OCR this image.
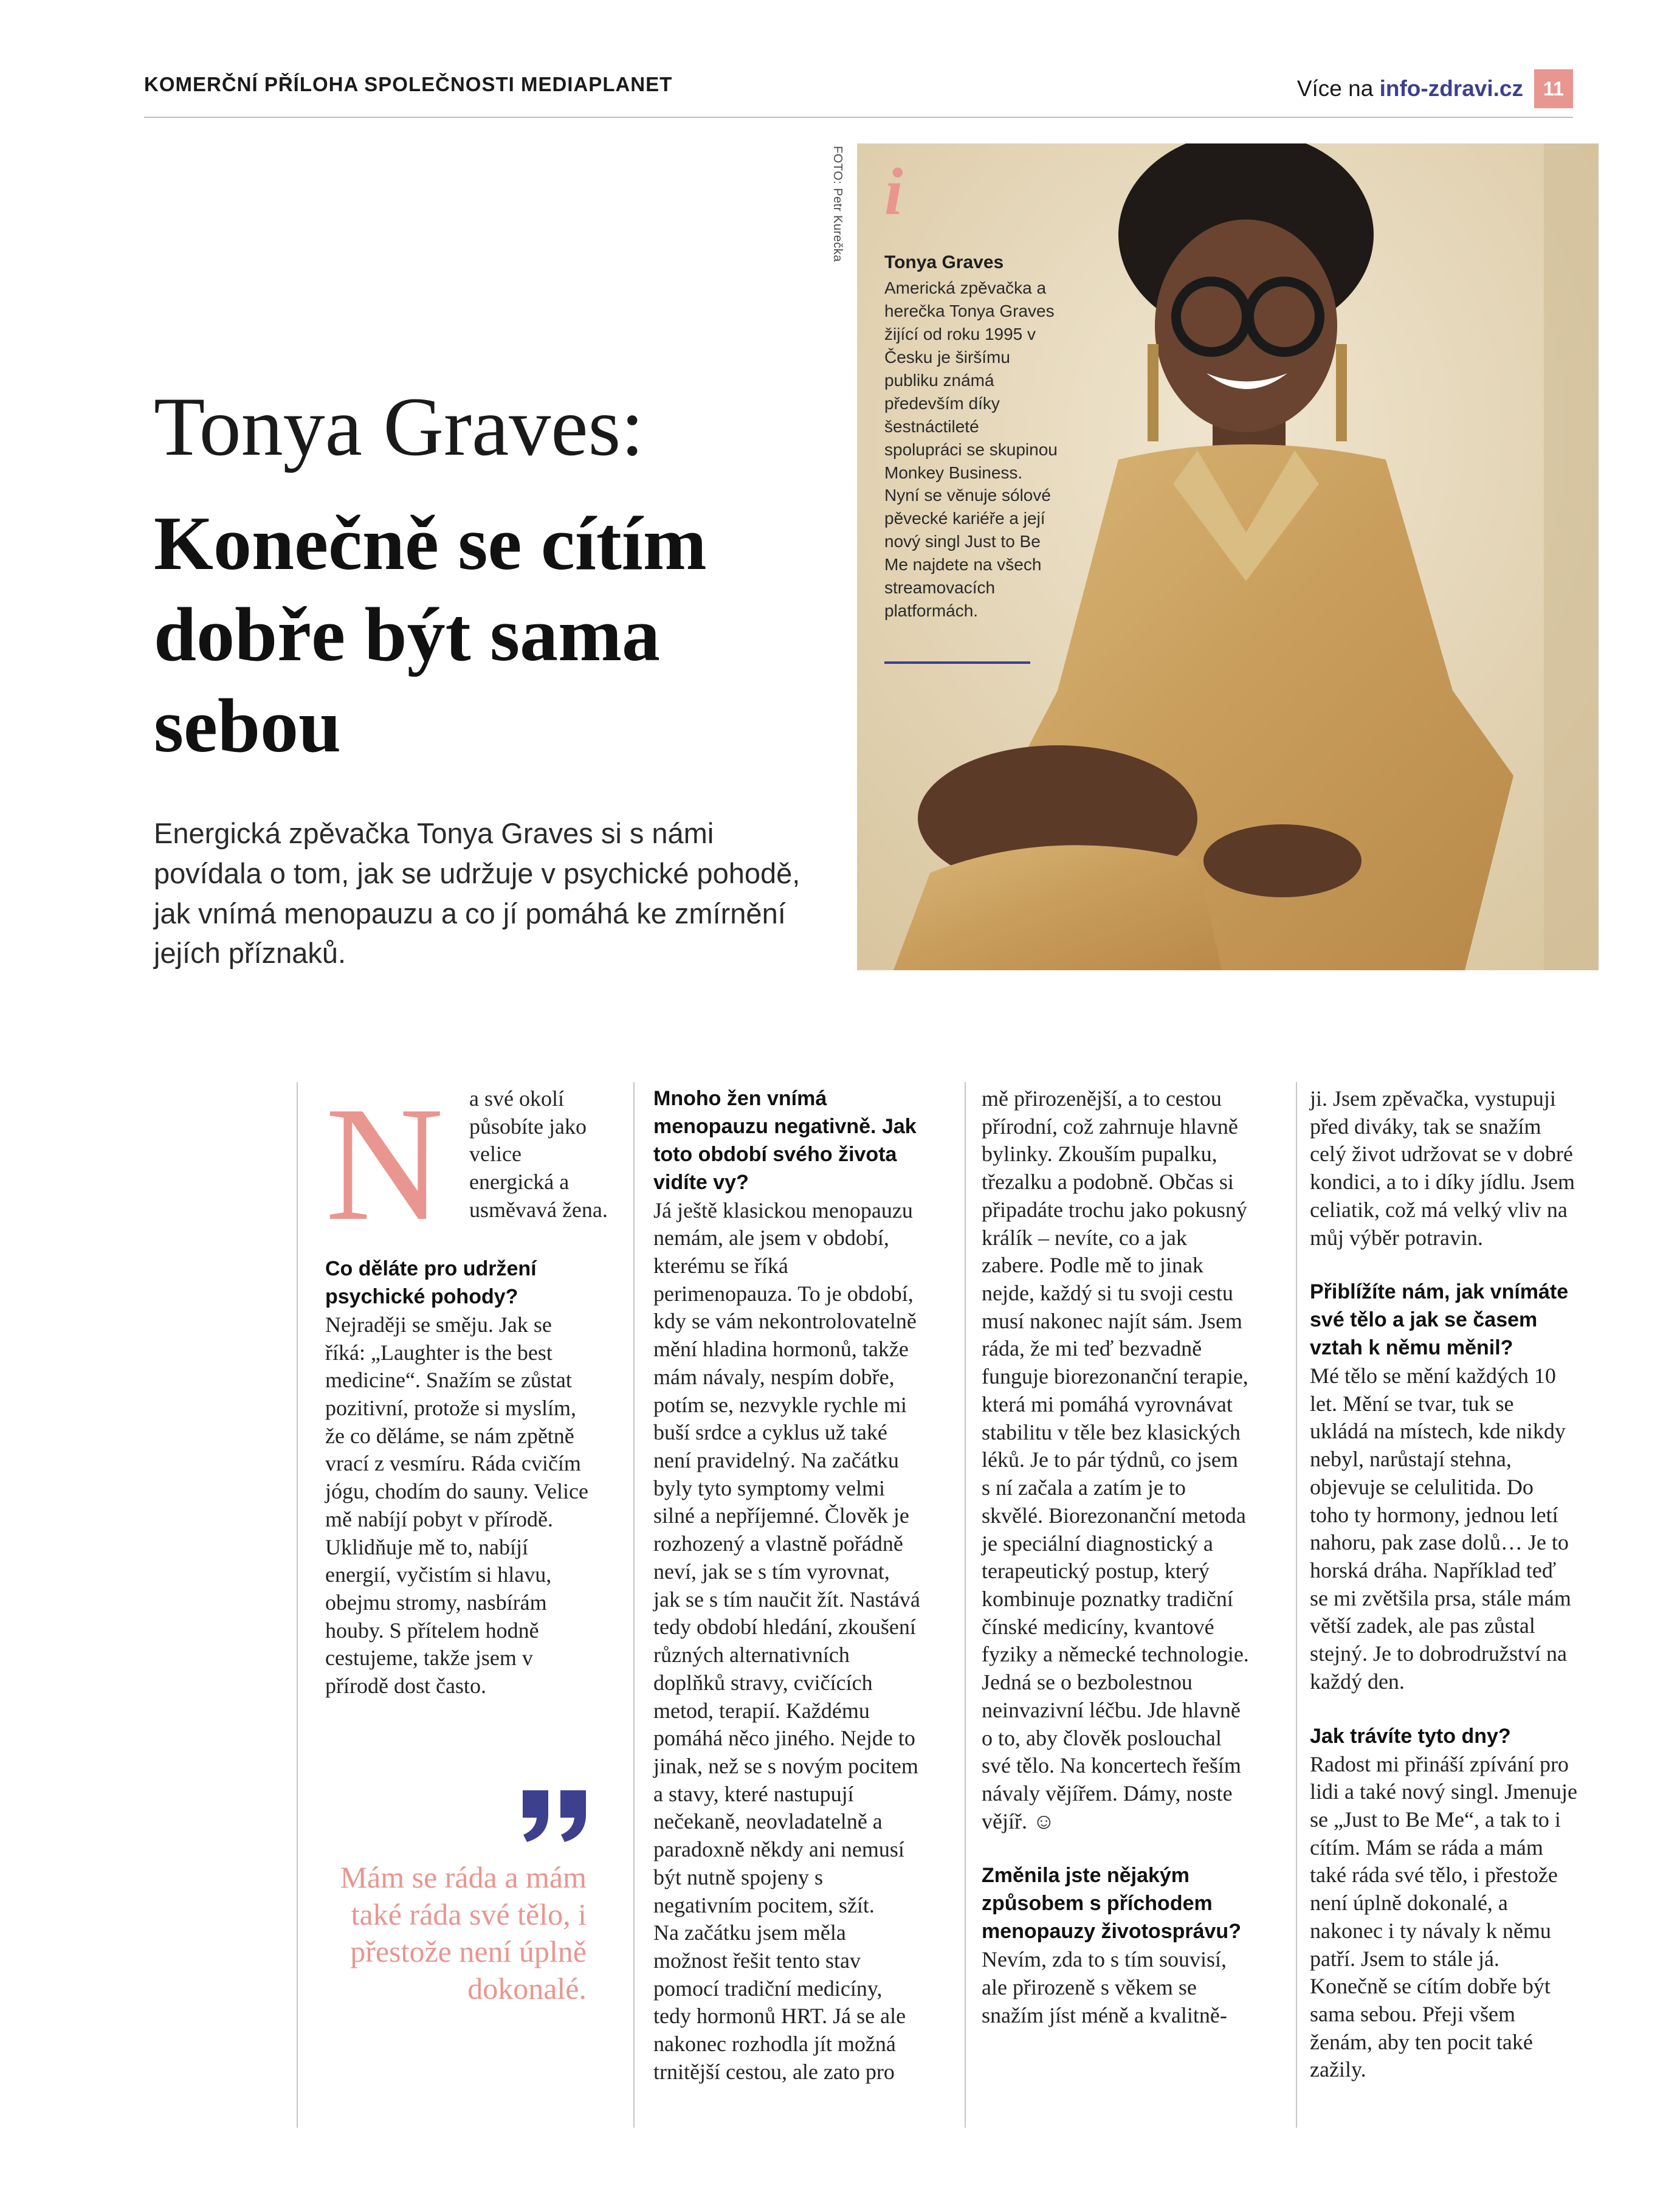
KOMERČNÍ PŘÍLOHA SPOLEČNOSTI MEDIAPLANET	Více na info-zdravi.cz	11
Tonya Graves:
Konečně se cítím dobře být sama sebou
Energická zpěvačka Tonya Graves si s námi povídala o tom, jak se udržuje v psychické pohodě, jak vnímá menopauzu a co jí pomáhá ke zmírnění jejích příznaků.
FOTO: Petr Kurečka i
Tonya Graves
Americká zpěvačka a herečka Tonya Graves žijící od roku 1995 v Česku je širšímu publiku známá především díky šestnáctileté spolupráci se skupinou Monkey Business. Nyní se věnuje sólové pěvecké kariéře a její nový singl Just to Be Me najdete na všech streamovacích platformách.
N a své okolí působíte jako velice energická a usměvavá žena.
Co děláte pro udržení psychické pohody?

Nejraději se směju. Jak se říká: „Laughter is the best medicine“. Snažím se zůstat pozitivní, protože si myslím, že co děláme, se nám zpětně vrací z vesmíru. Ráda cvičím jógu, chodím do sauny. Velice mě nabíjí pobyt v přírodě. Uklidňuje mě to, nabíjí energií, vyčistím si hlavu, obejmu stromy, nasbírám houby. S přítelem hodně cestujeme, takže jsem v přírodě dost často.

Mám se ráda a mám také ráda své tělo, i přestože není úplně dokonalé.
Mnoho žen vnímá menopauzu negativně. Jak toto období svého života vidíte vy?

Já ještě klasickou menopauzu nemám, ale jsem v období, kterému se říká perimenopauza. To je období, kdy se vám nekontrolovatelně mění hladina hormonů, takže mám návaly, nespím dobře, potím se, nezvykle rychle mi buší srdce a cyklus už také není pravidelný. Na začátku byly tyto symptomy velmi silné a nepříjemné. Člověk je rozhozený a vlastně pořádně neví, jak se s tím vyrovnat, jak se s tím naučit žít. Nastává tedy období hledání, zkoušení různých alternativních doplňků stravy, cvičících metod, terapií. Každému pomáhá něco jiného. Nejde to jinak, než se s novým pocitem a stavy, které nastupují nečekaně, neovladatelně a paradoxně někdy ani nemusí být nutně spojeny s negativním pocitem, sžít.

Na začátku jsem měla možnost řešit tento stav pomocí tradiční medicíny, tedy hormonů HRT. Já se ale nakonec rozhodla jít možná trnitější cestou, ale zato pro

mě přirozenější, a to cestou přírodní, což zahrnuje hlavně bylinky. Zkouším pupalku, třezalku a podobně. Občas si připadáte trochu jako pokusný králík – nevíte, co a jak zabere. Podle mě to jinak nejde, každý si tu svoji cestu musí nakonec najít sám. Jsem ráda, že mi teď bezvadně funguje biorezonanční terapie, která mi pomáhá vyrovnávat stabilitu v těle bez klasických léků. Je to pár týdnů, co jsem s ní začala a zatím je to skvělé. Biorezonanční metoda je speciální diagnostický a terapeutický postup, který kombinuje poznatky tradiční čínské medicíny, kvantové fyziky a německé technologie. Jedná se o bezbolestnou neinvazivní léčbu. Jde hlavně o to, aby člověk poslouchal své tělo. Na koncertech řeším návaly vějířem. Dámy, noste vějíř. ☺

Změnila jste nějakým způsobem s příchodem menopauzy životosprávu?

Nevím, zda to s tím souvisí, ale přirozeně s věkem se snažím jíst méně a kvalitně-

ji. Jsem zpěvačka, vystupuji před diváky, tak se snažím celý život udržovat se v dobré kondici, a to i díky jídlu. Jsem celiatik, což má velký vliv na můj výběr potravin.

Přiblížíte nám, jak vnímáte své tělo a jak se časem vztah k němu měnil?

Mé tělo se mění každých 10 let. Mění se tvar, tuk se ukládá na místech, kde nikdy nebyl, narůstají stehna, objevuje se celulitida. Do toho ty hormony, jednou letí nahoru, pak zase dolů… Je to horská dráha. Například teď se mi zvětšila prsa, stále mám větší zadek, ale pas zůstal stejný. Je to dobrodružství na každý den.

Jak trávíte tyto dny?

Radost mi přináší zpívání pro lidi a také nový singl. Jmenuje se „Just to Be Me“, a tak to i cítím. Mám se ráda a mám také ráda své tělo, i přestože není úplně dokonalé, a nakonec i ty návaly k němu patří. Jsem to stále já. Konečně se cítím dobře být sama sebou. Přeji všem ženám, aby ten pocit také zažily.
